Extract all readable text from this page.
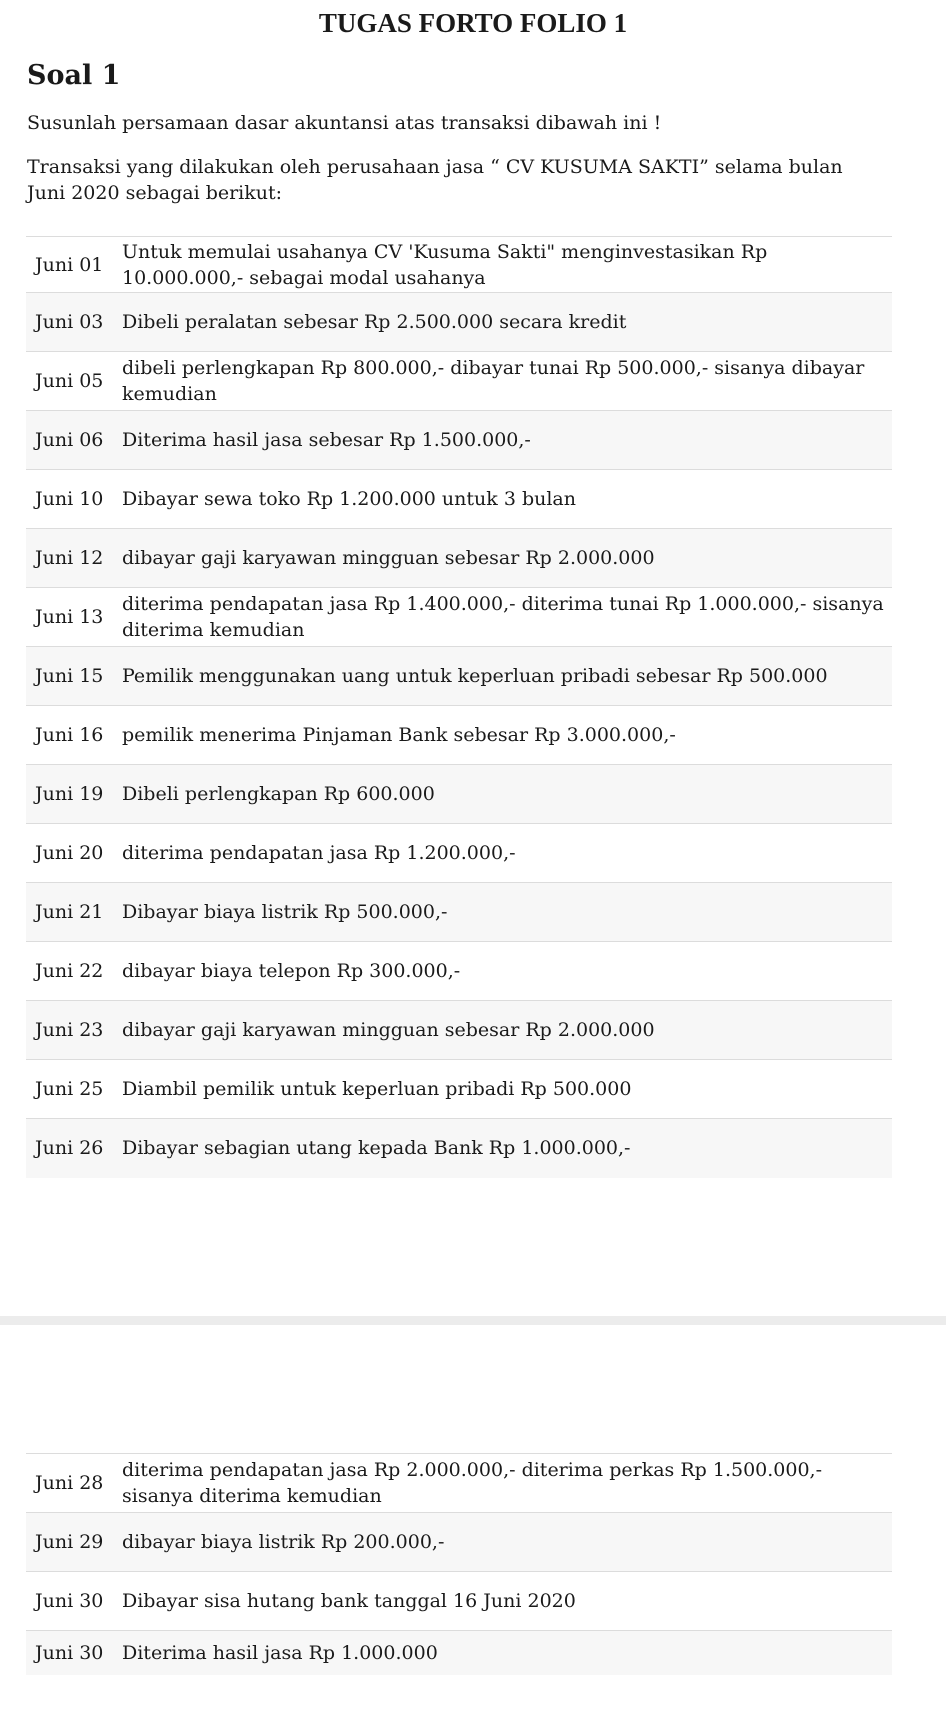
TUGAS FORTO FOLIO 1
Soal 1
Susunlah persamaan dasar akuntansi atas transaksi dibawah ini !
Transaksi yang dilakukan oleh perusahaan jasa “ CV KUSUMA SAKTI” selama bulan Juni 2020 sebagai berikut:
Juni 01	Untuk memulai usahanya CV 'Kusuma Sakti" menginvestasikan Rp 10.000.000,- sebagai modal usahanya
Juni 03	Dibeli peralatan sebesar Rp 2.500.000 secara kredit
Juni 05	dibeli perlengkapan Rp 800.000,- dibayar tunai Rp 500.000,- sisanya dibayar kemudian
Juni 06	Diterima hasil jasa sebesar Rp 1.500.000,-
Juni 10	Dibayar sewa toko Rp 1.200.000 untuk 3 bulan
Juni 12	dibayar gaji karyawan mingguan sebesar Rp 2.000.000
Juni 13	diterima pendapatan jasa Rp 1.400.000,- diterima tunai Rp 1.000.000,- sisanya diterima kemudian
Juni 15	Pemilik menggunakan uang untuk keperluan pribadi sebesar Rp 500.000
Juni 16	pemilik menerima Pinjaman Bank sebesar Rp 3.000.000,-
Juni 19	Dibeli perlengkapan Rp 600.000
Juni 20	diterima pendapatan jasa Rp 1.200.000,-
Juni 21	Dibayar biaya listrik Rp 500.000,-
Juni 22	dibayar biaya telepon Rp 300.000,-
Juni 23	dibayar gaji karyawan mingguan sebesar Rp 2.000.000
Juni 25	Diambil pemilik untuk keperluan pribadi Rp 500.000
Juni 26	Dibayar sebagian utang kepada Bank Rp 1.000.000,-
Juni 28	diterima pendapatan jasa Rp 2.000.000,- diterima perkas Rp 1.500.000,- sisanya diterima kemudian
Juni 29	dibayar biaya listrik Rp 200.000,-
Juni 30	Dibayar sisa hutang bank tanggal 16 Juni 2020
Juni 30	Diterima hasil jasa Rp 1.000.000
